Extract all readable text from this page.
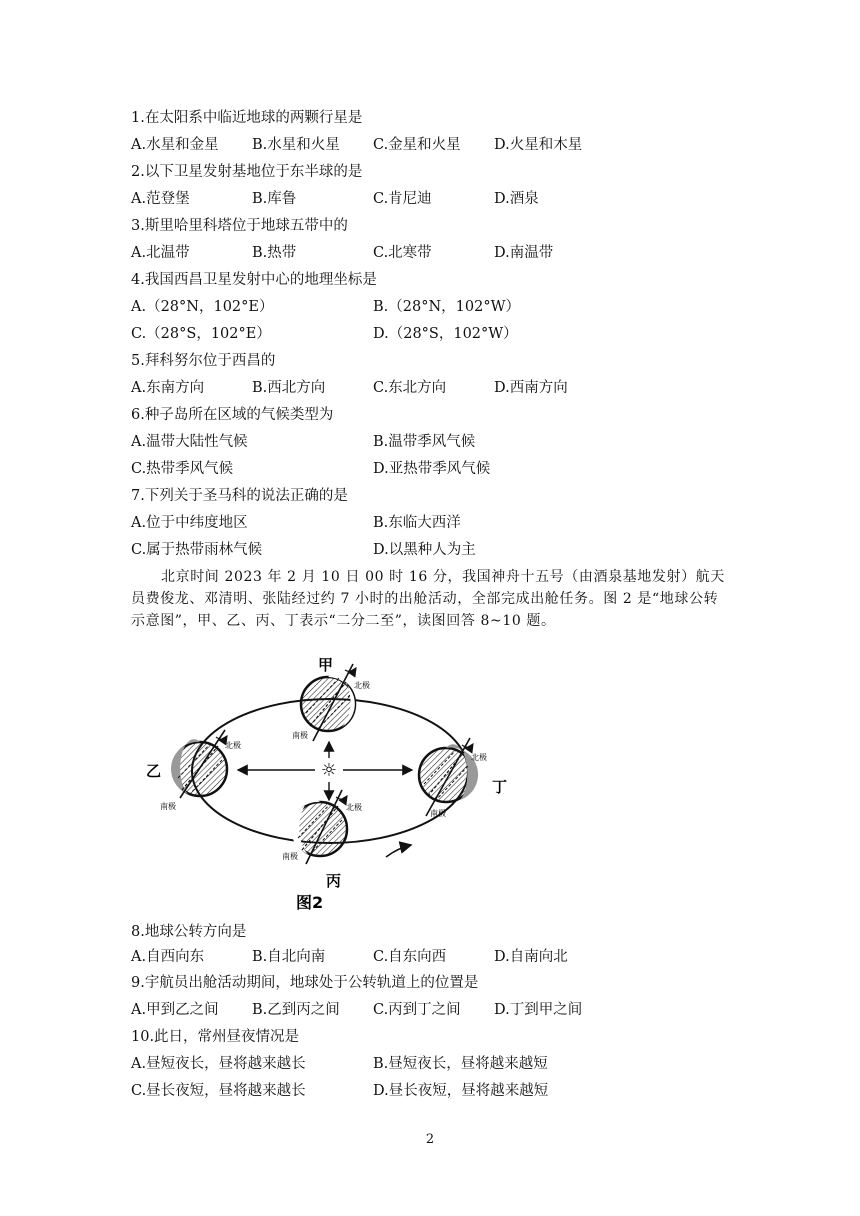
1.在太阳系中临近地球的两颗行星是
A.水星和金星 B.水星和火星 C.金星和火星 D.火星和木星
2.以下卫星发射基地位于东半球的是
A.范登堡	B.库鲁	C.肯尼迪	D.酒泉
3.斯里哈里科塔位于地球五带中的
A.北温带	B.热带	C.北寒带	D.南温带
4.我国西昌卫星发射中心的地理坐标是
A.（28°N，102°E）	B.（28°N，102°W）
C.（28°S，102°E）	D.（28°S，102°W）
5.拜科努尔位于西昌的
A.东南方向	B.西北方向	C.东北方向	D.西南方向
6.种子岛所在区域的气候类型为
A.温带大陆性气候	B.温带季风气候
C.热带季风气候	D.亚热带季风气候
7.下列关于圣马科的说法正确的是
A.位于中纬度地区	B.东临大西洋
C.属于热带雨林气候	D.以黑种人为主
北京时间 2023 年 2 月 10 日 00 时 16 分，我国神舟十五号（由酒泉基地发射）航天员费俊龙、邓清明、张陆经过约 7 小时的出舱活动，全部完成出舱任务。图 2 是“地球公转示意图”，甲、乙、丙、丁表示“二分二至”，读图回答 8~10 题。
☼
甲
北极
南极
乙
北极
南极
丁
北极
南极
丙
北极
南极
图2
8.地球公转方向是
A.自西向东	B.自北向南	C.自东向西	D.自南向北
9.宇航员出舱活动期间，地球处于公转轨道上的位置是
A.甲到乙之间 B.乙到丙之间 C.丙到丁之间 D.丁到甲之间
10.此日，常州昼夜情况是
A.昼短夜长，昼将越来越长	B.昼短夜长，昼将越来越短
C.昼长夜短，昼将越来越长	D.昼长夜短，昼将越来越短
2
